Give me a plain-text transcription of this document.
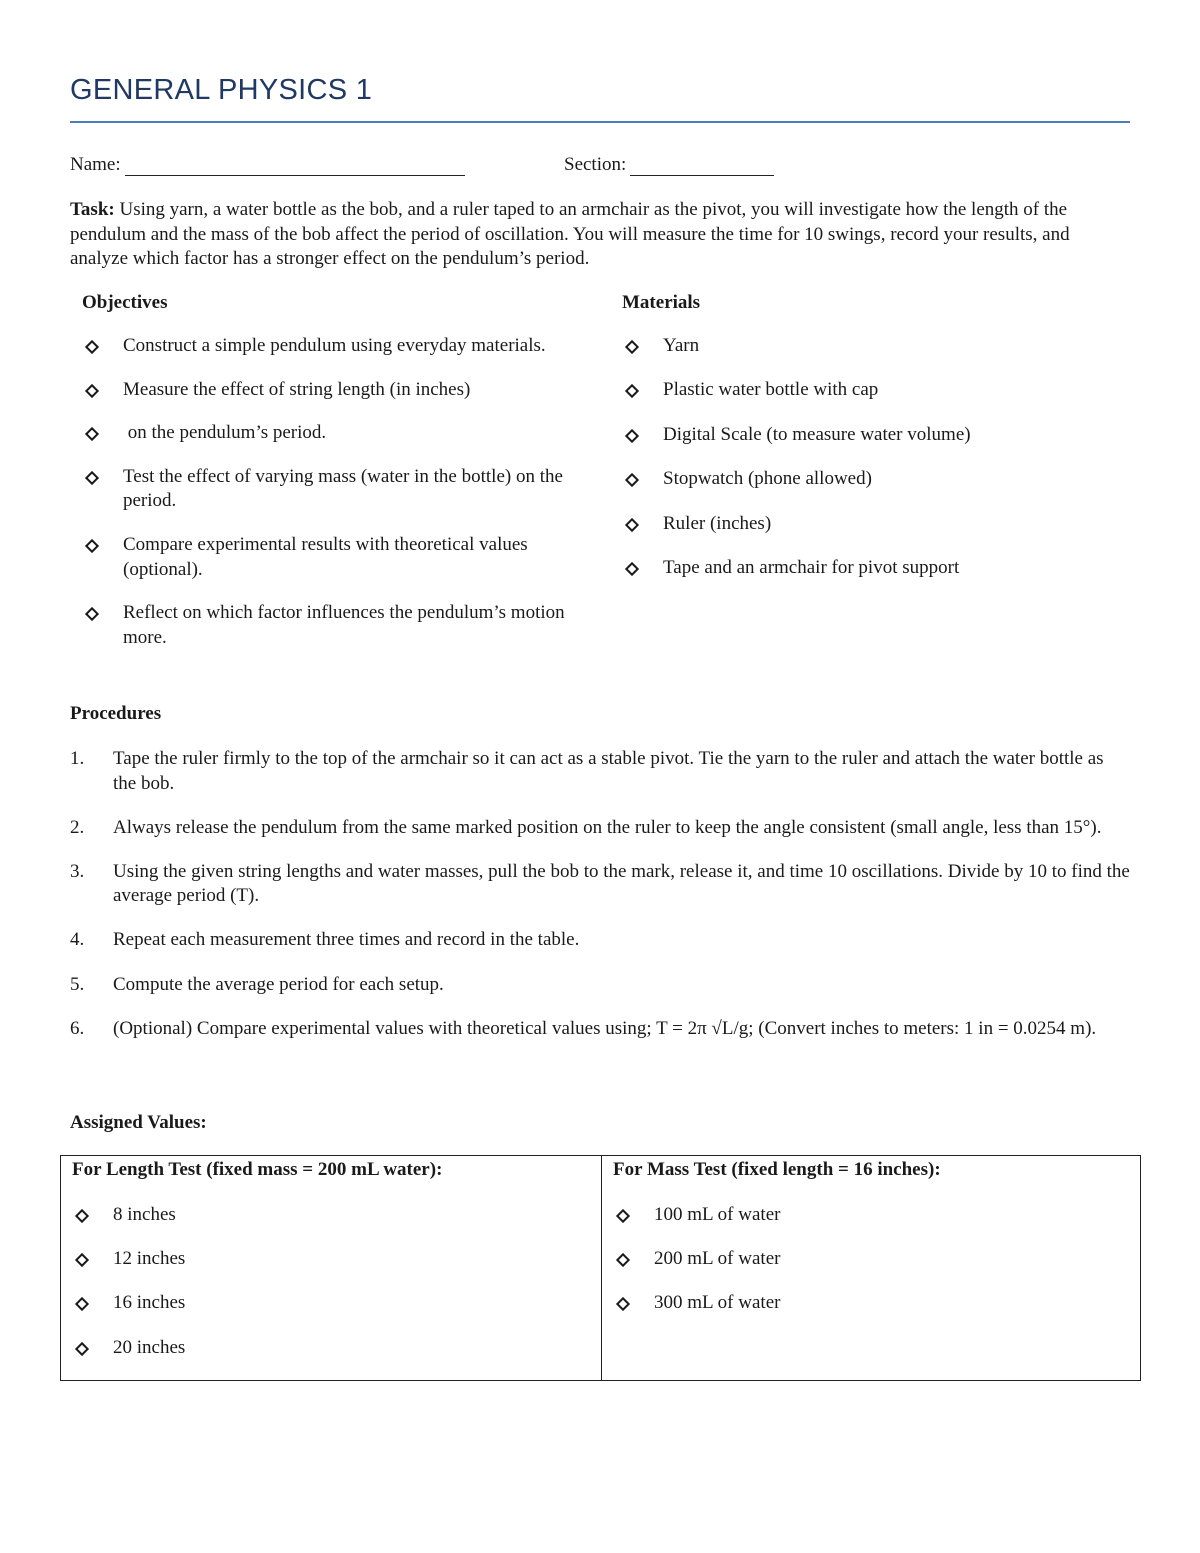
GENERAL PHYSICS 1
Name:	Section:

Task: Using yarn, a water bottle as the bob, and a ruler taped to an armchair as the pivot, you will investigate how the length of the pendulum and the mass of the bob affect the period of oscillation. You will measure the time for 10 swings, record your results, and analyze which factor has a stronger effect on the pendulum’s period.

Objectives
Construct a simple pendulum using everyday materials.
Measure the effect of string length (in inches)
on the pendulum’s period.
Test the effect of varying mass (water in the bottle) on the period.
Compare experimental results with theoretical values (optional).
Reflect on which factor influences the pendulum’s motion more.
Materials
Yarn
Plastic water bottle with cap
Digital Scale (to measure water volume)
Stopwatch (phone allowed)
Ruler (inches)
Tape and an armchair for pivot support
Procedures
1. Tape the ruler firmly to the top of the armchair so it can act as a stable pivot. Tie the yarn to the ruler and attach the water bottle as the bob.
2. Always release the pendulum from the same marked position on the ruler to keep the angle consistent (small angle, less than 15°).
3. Using the given string lengths and water masses, pull the bob to the mark, release it, and time 10 oscillations. Divide by 10 to find the average period (T).
4. Repeat each measurement three times and record in the table.
5. Compute the average period for each setup.
6. (Optional) Compare experimental values with theoretical values using; T = 2π √L/g; (Convert inches to meters: 1 in = 0.0254 m).
Assigned Values:
For Length Test (fixed mass = 200 mL water):
8 inches
12 inches
16 inches
20 inches

For Mass Test (fixed length = 16 inches):
100 mL of water
200 mL of water
300 mL of water
